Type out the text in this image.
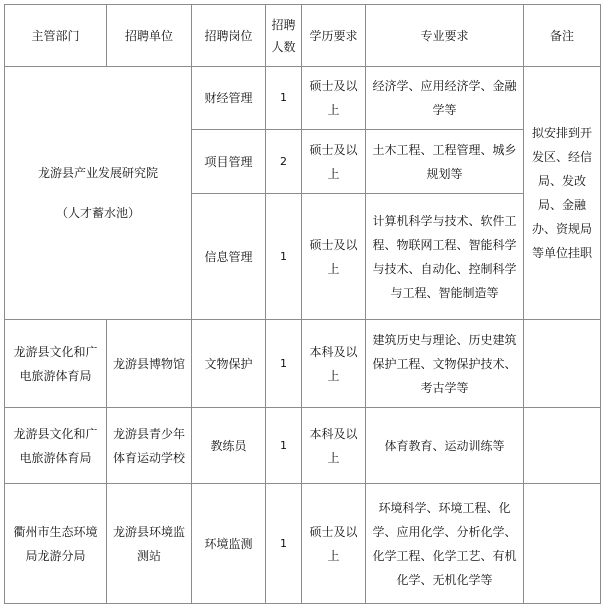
主管部门	招聘单位	招聘岗位	招聘人数	学历要求	专业要求	备注

龙游县产业发展研究院
（人才蓄水池）		财经管理	1	硕士及以上	经济学、应用经济学、金融学等	拟安排到开发区、经信局、发改局、金融办、资规局等单位挂职
		项目管理	2	硕士及以上	土木工程、工程管理、城乡规划等	
		信息管理	1	硕士及以上	计算机科学与技术、软件工程、物联网工程、智能科学与技术、自动化、控制科学与工程、智能制造等	
龙游县文化和广电旅游体育局	龙游县博物馆	文物保护	1	本科及以上	建筑历史与理论、历史建筑保护工程、文物保护技术、考古学等	
龙游县文化和广电旅游体育局	龙游县青少年体育运动学校	教练员	1	本科及以上	体育教育、运动训练等	
衢州市生态环境局龙游分局	龙游县环境监测站	环境监测	1	硕士及以上	环境科学、环境工程、化学、应用化学、分析化学、化学工程、化学工艺、有机化学、无机化学等	
